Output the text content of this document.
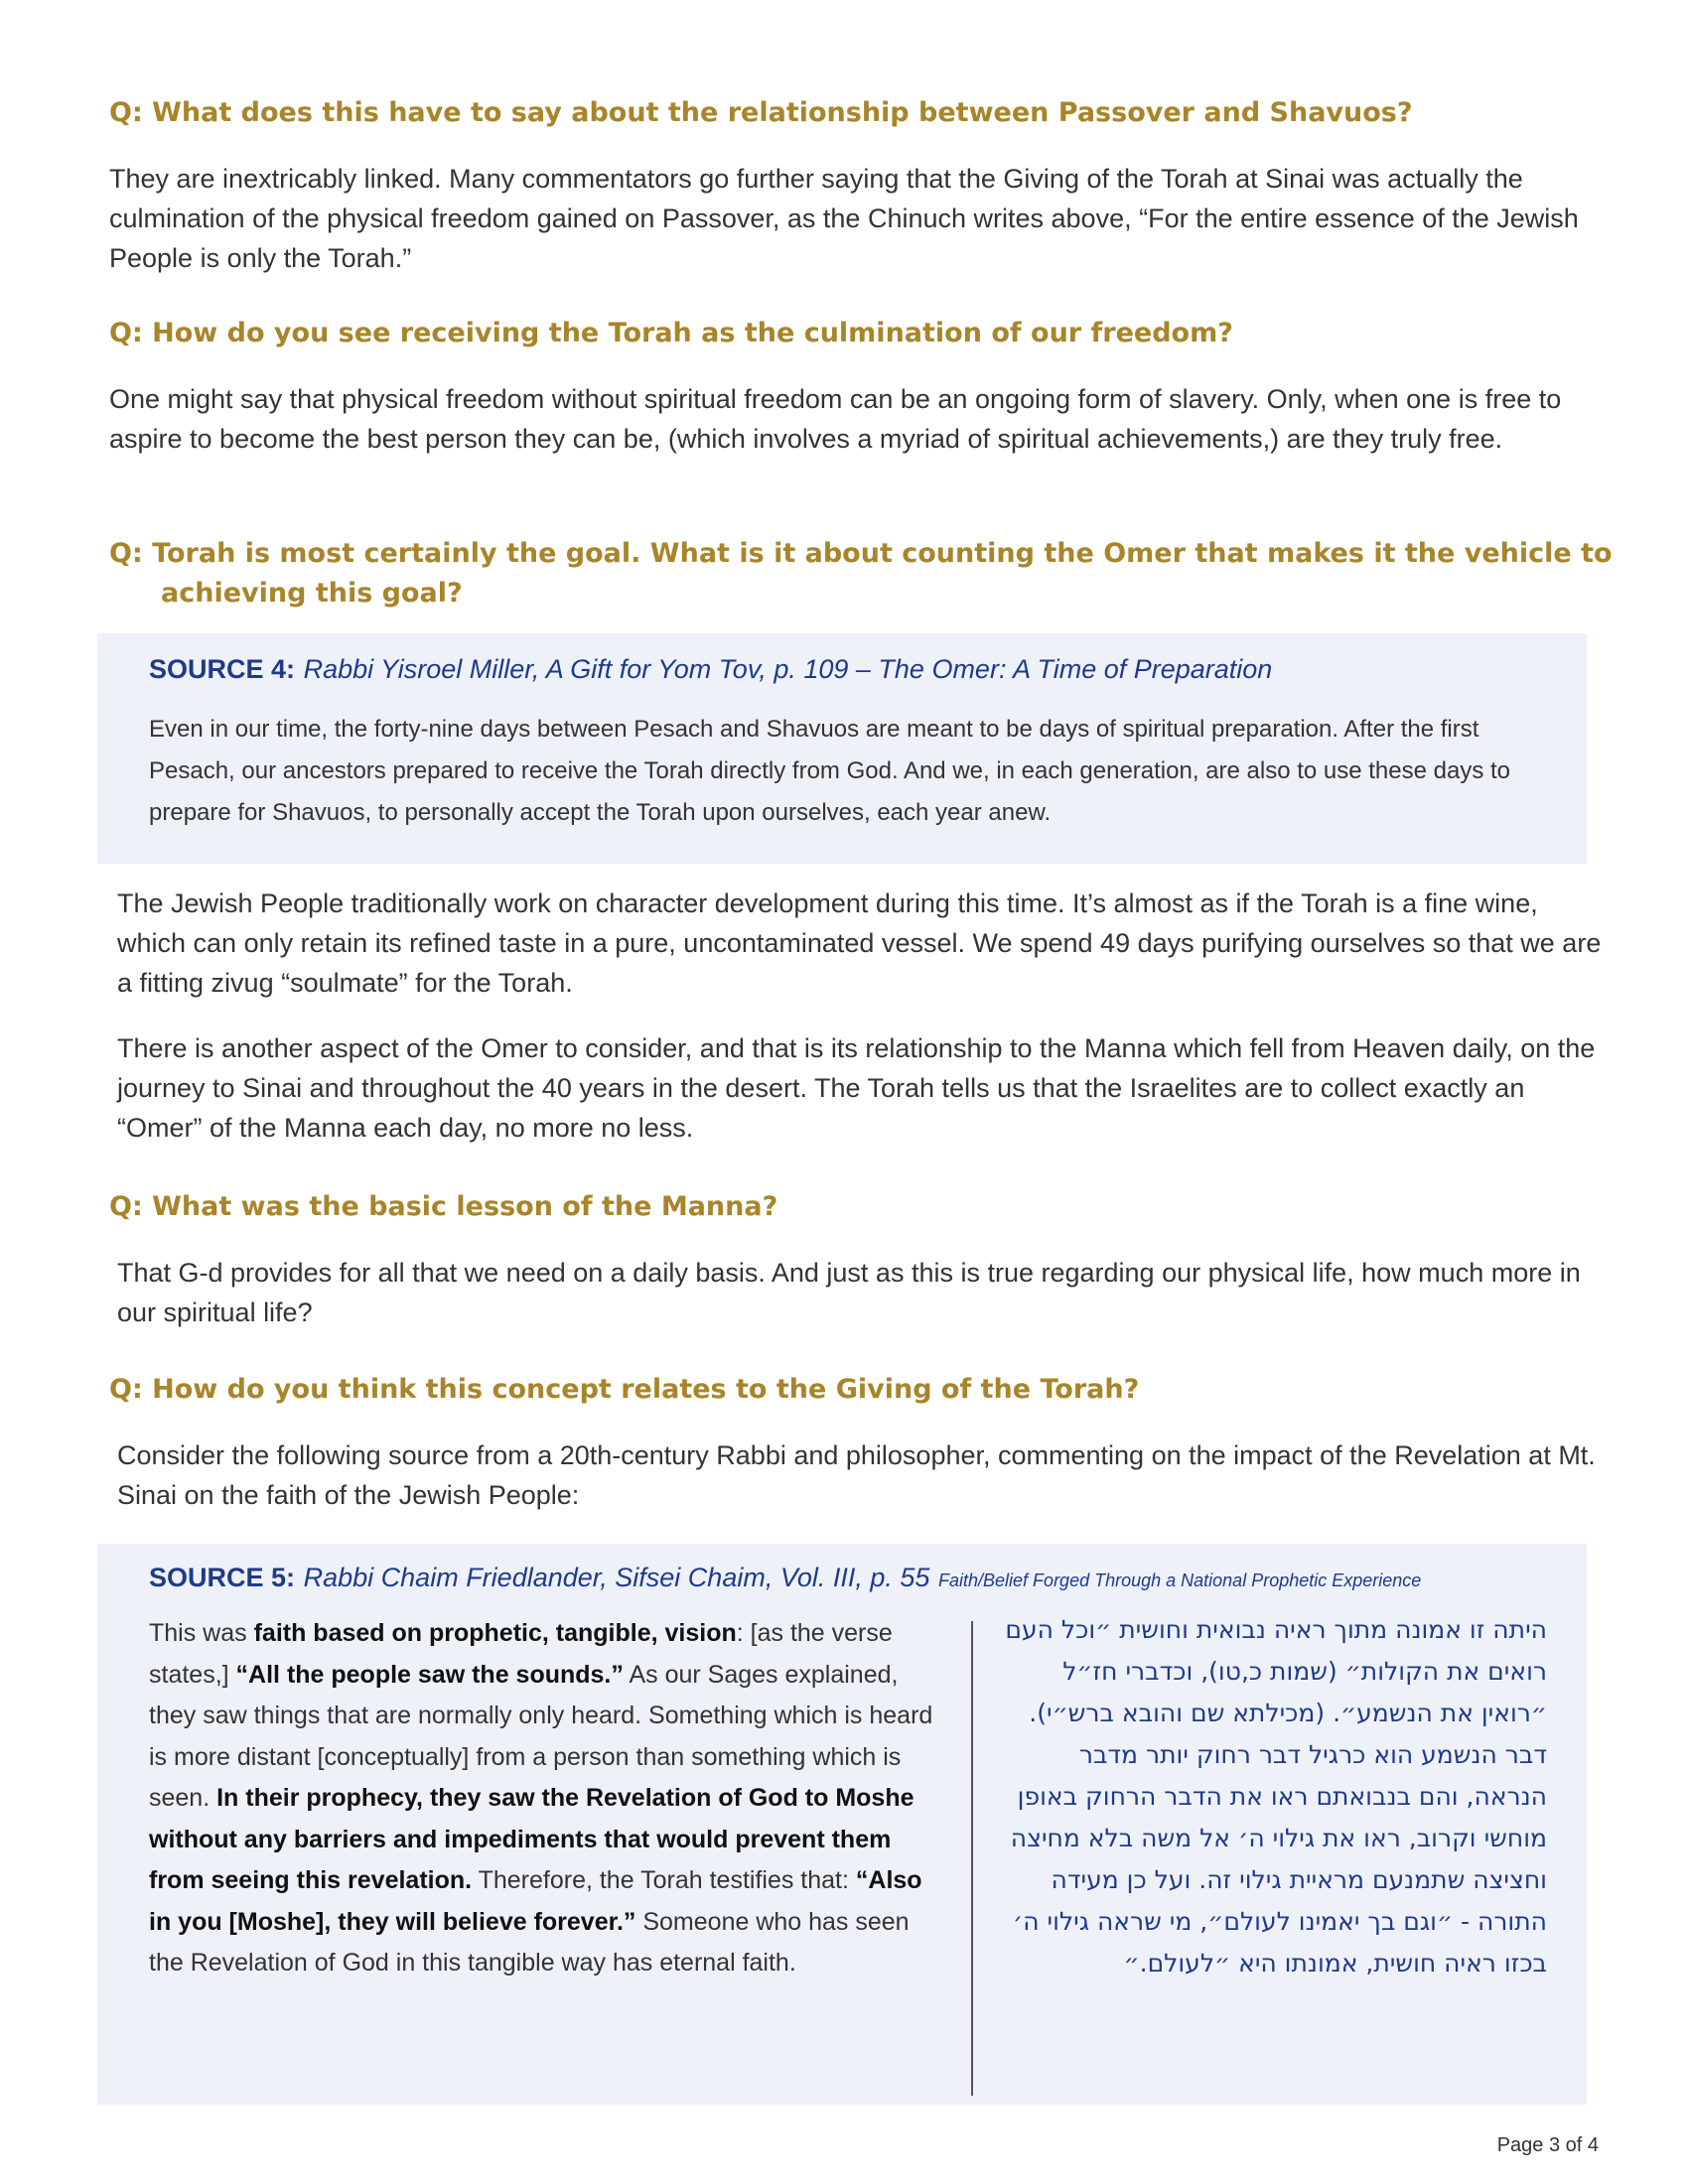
Q: What does this have to say about the relationship between Passover and Shavuos?

They are inextricably linked. Many commentators go further saying that the Giving of the Torah at Sinai was actually the culmination of the physical freedom gained on Passover, as the Chinuch writes above, “For the entire essence of the Jewish People is only the Torah.”

Q: How do you see receiving the Torah as the culmination of our freedom?

One might say that physical freedom without spiritual freedom can be an ongoing form of slavery. Only, when one is free to aspire to become the best person they can be, (which involves a myriad of spiritual achievements,) are they truly free.

Q: Torah is most certainly the goal. What is it about counting the Omer that makes it the vehicle to achieving this goal?
SOURCE 4: Rabbi Yisroel Miller, A Gift for Yom Tov, p. 109 – The Omer: A Time of Preparation

Even in our time, the forty-nine days between Pesach and Shavuos are meant to be days of spiritual preparation. After the first Pesach, our ancestors prepared to receive the Torah directly from God. And we, in each generation, are also to use these days to prepare for Shavuos, to personally accept the Torah upon ourselves, each year anew.

The Jewish People traditionally work on character development during this time. It’s almost as if the Torah is a fine wine, which can only retain its refined taste in a pure, uncontaminated vessel. We spend 49 days purifying ourselves so that we are a fitting zivug “soulmate” for the Torah.

There is another aspect of the Omer to consider, and that is its relationship to the Manna which fell from Heaven daily, on the journey to Sinai and throughout the 40 years in the desert. The Torah tells us that the Israelites are to collect exactly an “Omer” of the Manna each day, no more no less.

Q: What was the basic lesson of the Manna?

That G-d provides for all that we need on a daily basis. And just as this is true regarding our physical life, how much more in our spiritual life?

Q: How do you think this concept relates to the Giving of the Torah?

Consider the following source from a 20th-century Rabbi and philosopher, commenting on the impact of the Revelation at Mt. Sinai on the faith of the Jewish People:

SOURCE 5: Rabbi Chaim Friedlander, Sifsei Chaim, Vol. III, p. 55 Faith/Belief Forged Through a National Prophetic Experience

This was faith based on prophetic, tangible, vision: [as the verse states,] “All the people saw the sounds.” As our Sages explained, they saw things that are normally only heard. Something which is heard is more distant [conceptually] from a person than something which is seen. In their prophecy, they saw the Revelation of God to Moshe without any barriers and impediments that would prevent them from seeing this revelation. Therefore, the Torah testifies that: “Also in you [Moshe], they will believe forever.” Someone who has seen the Revelation of God in this tangible way has eternal faith.

היתה זו אמונה מתוך ראיה נבואית וחושית ״וכל העם רואים את הקולות״ (שמות כ,טו), וכדברי חז״ל ״רואין את הנשמע״. (מכילתא שם והובא ברש״י). דבר הנשמע הוא כרגיל דבר רחוק יותר מדבר הנראה, והם בנבואתם ראו את הדבר הרחוק באופן מוחשי וקרוב, ראו את גילוי ה׳ אל משה בלא מחיצה וחציצה שתמנעם מראיית גילוי זה. ועל כן מעידה התורה - ״וגם בך יאמינו לעולם״, מי שראה גילוי ה׳ בכזו ראיה חושית, אמונתו היא ״לעולם.״

Page 3 of 4
